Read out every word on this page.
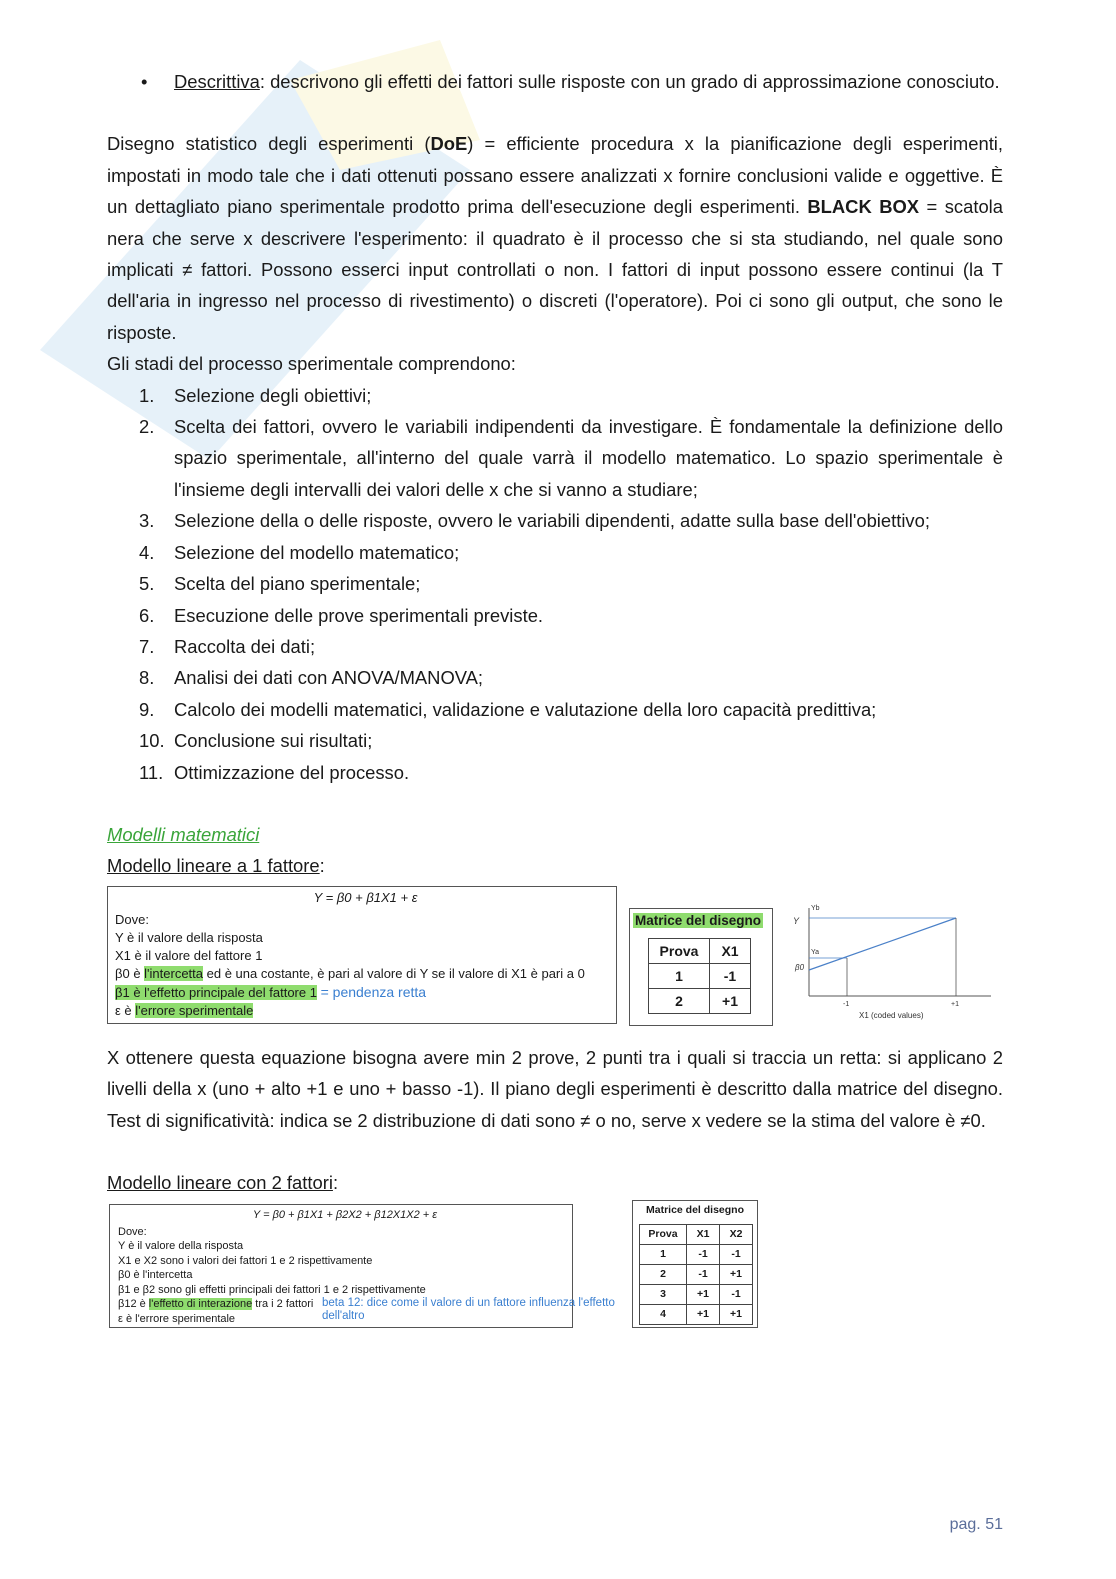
• Descrittiva: descrivono gli effetti dei fattori sulle risposte con un grado di approssimazione conosciuto.

Disegno statistico degli esperimenti (DoE) = efficiente procedura x la pianificazione degli esperimenti, impostati in modo tale che i dati ottenuti possano essere analizzati x fornire conclusioni valide e oggettive. È un dettagliato piano sperimentale prodotto prima dell'esecuzione degli esperimenti. BLACK BOX = scatola nera che serve x descrivere l'esperimento: il quadrato è il processo che si sta studiando, nel quale sono implicati ≠ fattori. Possono esserci input controllati o non. I fattori di input possono essere continui (la T dell'aria in ingresso nel processo di rivestimento) o discreti (l'operatore). Poi ci sono gli output, che sono le risposte.

Gli stadi del processo sperimentale comprendono:

1. Selezione degli obiettivi;
2. Scelta dei fattori, ovvero le variabili indipendenti da investigare. È fondamentale la definizione dello spazio sperimentale, all'interno del quale varrà il modello matematico. Lo spazio sperimentale è l'insieme degli intervalli dei valori delle x che si vanno a studiare;
3. Selezione della o delle risposte, ovvero le variabili dipendenti, adatte sulla base dell'obiettivo;
4. Selezione del modello matematico;
5. Scelta del piano sperimentale;
6. Esecuzione delle prove sperimentali previste.
7. Raccolta dei dati;
8. Analisi dei dati con ANOVA/MANOVA;
9. Calcolo dei modelli matematici, validazione e valutazione della loro capacità predittiva;
10. Conclusione sui risultati;
11. Ottimizzazione del processo.

Modelli matematici

Modello lineare a 1 fattore:

Y = β0 + β1X1 + ε
Dove:
Y è il valore della risposta
X1 è il valore del fattore 1
β0 è l'intercetta ed è una costante, è pari al valore di Y se il valore di X1 è pari a 0
β1 è l'effetto principale del fattore 1 = pendenza retta
ε è l'errore sperimentale
Matrice del disegno
Prova	X1
1	-1
2	+1
Y
Yb
Ya
β0
-1	+1
X1 (coded values)

X ottenere questa equazione bisogna avere min 2 prove, 2 punti tra i quali si traccia un retta: si applicano 2 livelli della x (uno + alto +1 e uno + basso -1). Il piano degli esperimenti è descritto dalla matrice del disegno. Test di significatività: indica se 2 distribuzione di dati sono ≠ o no, serve x vedere se la stima del valore è ≠0.

Modello lineare con 2 fattori:

Y = β0 + β1X1 + β2X2 + β12X1X2 + ε
Dove:
Y è il valore della risposta
X1 e X2 sono i valori dei fattori 1 e 2 rispettivamente
β0 è l'intercetta
β1 e β2 sono gli effetti principali dei fattori 1 e 2 rispettivamente
β12 è l'effetto di interazione tra i 2 fattori beta 12: dice come il valore di un fattore influenza l'effetto dell'altro
ε è l'errore sperimentale
Matrice del disegno
Prova	X1	X2
1	-1	-1
2	-1	+1
3	+1	-1
4	+1	+1
pag. 51
